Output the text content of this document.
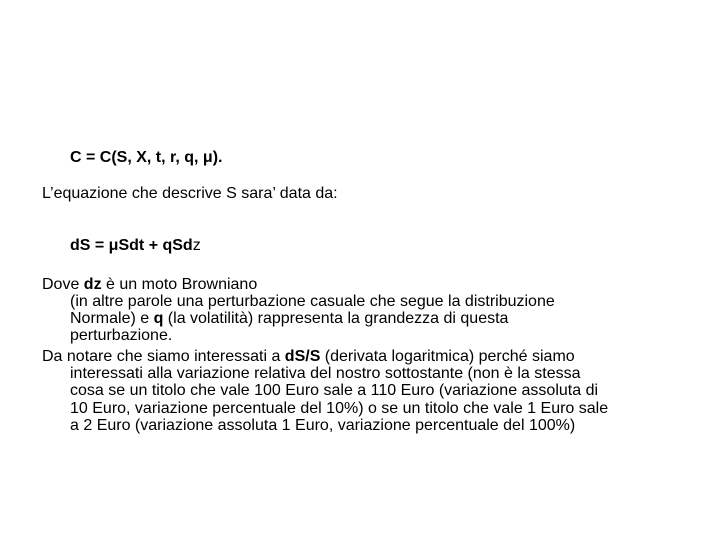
C = C(S, X, t, r, q, μ).
L’equazione che descrive S sara’ data da:
dS = μSdt + qSdz
Dove dz è un moto Browniano
(in altre parole una perturbazione casuale che segue la distribuzione
Normale) e q (la volatilità) rappresenta la grandezza di questa
perturbazione.
Da notare che siamo interessati a dS/S (derivata logaritmica) perché siamo
interessati alla variazione relativa del nostro sottostante (non è la stessa
cosa se un titolo che vale 100 Euro sale a 110 Euro (variazione assoluta di
10 Euro, variazione percentuale del 10%) o se un titolo che vale 1 Euro sale
a 2 Euro (variazione assoluta 1 Euro, variazione percentuale del 100%)
